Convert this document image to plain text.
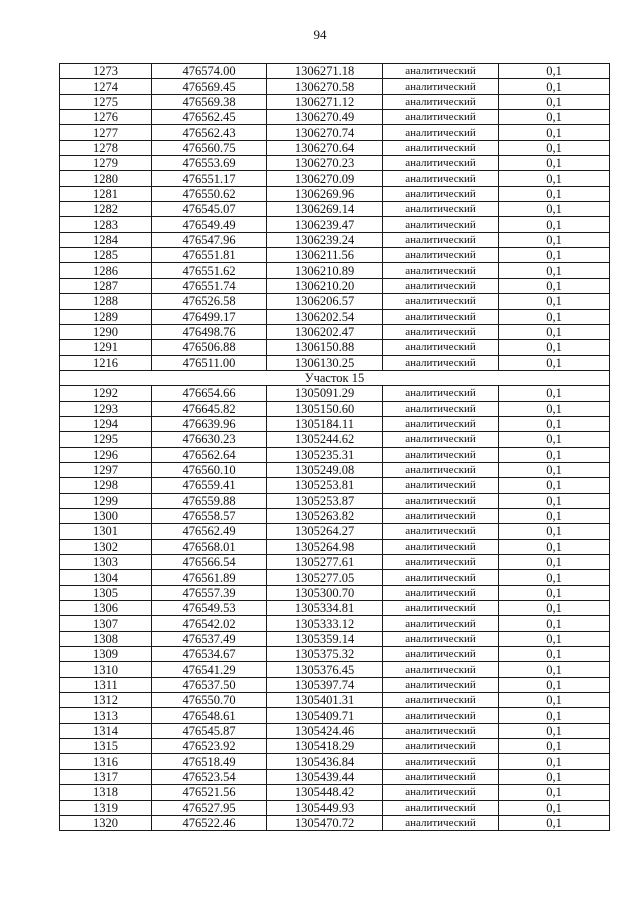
94
1273	476574.00	1306271.18	аналитический	0,1
1274	476569.45	1306270.58	аналитический	0,1
1275	476569.38	1306271.12	аналитический	0,1
1276	476562.45	1306270.49	аналитический	0,1
1277	476562.43	1306270.74	аналитический	0,1
1278	476560.75	1306270.64	аналитический	0,1
1279	476553.69	1306270.23	аналитический	0,1
1280	476551.17	1306270.09	аналитический	0,1
1281	476550.62	1306269.96	аналитический	0,1
1282	476545.07	1306269.14	аналитический	0,1
1283	476549.49	1306239.47	аналитический	0,1
1284	476547.96	1306239.24	аналитический	0,1
1285	476551.81	1306211.56	аналитический	0,1
1286	476551.62	1306210.89	аналитический	0,1
1287	476551.74	1306210.20	аналитический	0,1
1288	476526.58	1306206.57	аналитический	0,1
1289	476499.17	1306202.54	аналитический	0,1
1290	476498.76	1306202.47	аналитический	0,1
1291	476506.88	1306150.88	аналитический	0,1
1216	476511.00	1306130.25	аналитический	0,1
Участок 15				
1292	476654.66	1305091.29	аналитический	0,1
1293	476645.82	1305150.60	аналитический	0,1
1294	476639.96	1305184.11	аналитический	0,1
1295	476630.23	1305244.62	аналитический	0,1
1296	476562.64	1305235.31	аналитический	0,1
1297	476560.10	1305249.08	аналитический	0,1
1298	476559.41	1305253.81	аналитический	0,1
1299	476559.88	1305253.87	аналитический	0,1
1300	476558.57	1305263.82	аналитический	0,1
1301	476562.49	1305264.27	аналитический	0,1
1302	476568.01	1305264.98	аналитический	0,1
1303	476566.54	1305277.61	аналитический	0,1
1304	476561.89	1305277.05	аналитический	0,1
1305	476557.39	1305300.70	аналитический	0,1
1306	476549.53	1305334.81	аналитический	0,1
1307	476542.02	1305333.12	аналитический	0,1
1308	476537.49	1305359.14	аналитический	0,1
1309	476534.67	1305375.32	аналитический	0,1
1310	476541.29	1305376.45	аналитический	0,1
1311	476537.50	1305397.74	аналитический	0,1
1312	476550.70	1305401.31	аналитический	0,1
1313	476548.61	1305409.71	аналитический	0,1
1314	476545.87	1305424.46	аналитический	0,1
1315	476523.92	1305418.29	аналитический	0,1
1316	476518.49	1305436.84	аналитический	0,1
1317	476523.54	1305439.44	аналитический	0,1
1318	476521.56	1305448.42	аналитический	0,1
1319	476527.95	1305449.93	аналитический	0,1
1320	476522.46	1305470.72	аналитический	0,1
